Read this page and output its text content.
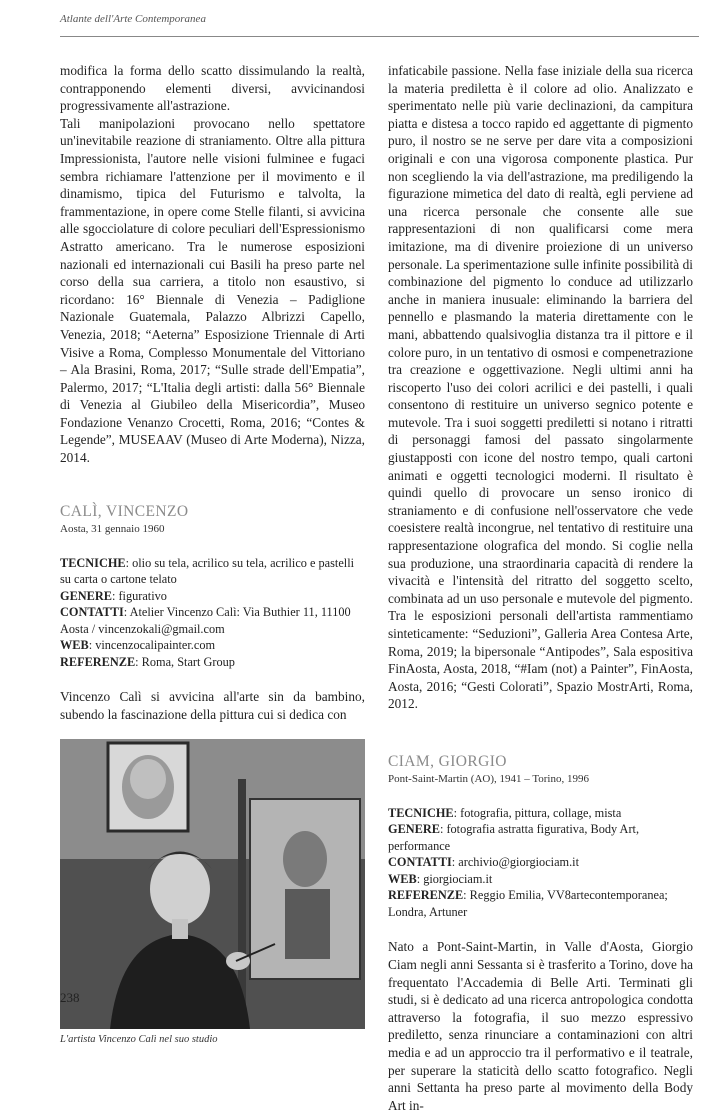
Atlante dell'Arte Contemporanea

modifica la forma dello scatto dissimulando la realtà, contrapponendo elementi diversi, avvicinandosi progressivamente all'astrazione.

Tali manipolazioni provocano nello spettatore un'inevitabile reazione di straniamento. Oltre alla pittura Impressionista, l'autore nelle visioni fulminee e fugaci sembra richiamare l'attenzione per il movimento e il dinamismo, tipica del Futurismo e talvolta, la frammentazione, in opere come Stelle filanti, si avvicina alle sgocciolature di colore peculiari dell'Espressionismo Astratto americano. Tra le numerose esposizioni nazionali ed internazionali cui Basili ha preso parte nel corso della sua carriera, a titolo non esaustivo, si ricordano: 16° Biennale di Venezia – Padiglione Nazionale Guatemala, Palazzo Albrizzi Capello, Venezia, 2018; “Aeterna” Esposizione Triennale di Arti Visive a Roma, Complesso Monumentale del Vittoriano – Ala Brasini, Roma, 2017; “Sulle strade dell'Empatia”, Palermo, 2017; “L'Italia degli artisti: dalla 56° Biennale di Venezia al Giubileo della Misericordia”, Museo Fondazione Venanzo Crocetti, Roma, 2016; “Contes & Legende”, MUSEAAV (Museo di Arte Moderna), Nizza, 2014.

CALÌ, VINCENZO
Aosta, 31 gennaio 1960
TECNICHE: olio su tela, acrilico su tela, acrilico e pastelli su carta o cartone telato
GENERE: figurativo
CONTATTI: Atelier Vincenzo Calì: Via Buthier 11, 11100 Aosta / vincenzokali@gmail.com
WEB: vincenzocalipainter.com
REFERENZE: Roma, Start Group

Vincenzo Calì si avvicina all'arte sin da bambino, subendo la fascinazione della pittura cui si dedica con

L'artista Vincenzo Calì nel suo studio

infaticabile passione. Nella fase iniziale della sua ricerca la materia prediletta è il colore ad olio. Analizzato e sperimentato nelle più varie declinazioni, da campitura piatta e distesa a tocco rapido ed aggettante di pigmento puro, il nostro se ne serve per dare vita a composizioni originali e con una vigorosa componente plastica. Pur non scegliendo la via dell'astrazione, ma prediligendo la figurazione mimetica del dato di realtà, egli perviene ad una ricerca personale che consente alle sue rappresentazioni di non qualificarsi come mera imitazione, ma di divenire proiezione di un universo personale. La sperimentazione sulle infinite possibilità di combinazione del pigmento lo conduce ad utilizzarlo anche in maniera inusuale: eliminando la barriera del pennello e plasmando la materia direttamente con le mani, abbattendo qualsivoglia distanza tra il pittore e il colore puro, in un tentativo di osmosi e compenetrazione tra creazione e oggettivazione. Negli ultimi anni ha riscoperto l'uso dei colori acrilici e dei pastelli, i quali consentono di restituire un universo segnico potente e mutevole. Tra i suoi soggetti prediletti si notano i ritratti di personaggi famosi del passato singolarmente giustapposti con icone del nostro tempo, quali cartoni animati e oggetti tecnologici moderni. Il risultato è quindi quello di provocare un senso ironico di straniamento e di confusione nell'osservatore che vede coesistere realtà incongrue, nel tentativo di restituire una rappresentazione olografica del mondo. Si coglie nella sua produzione, una straordinaria capacità di rendere la vivacità e l'intensità del ritratto del soggetto scelto, combinata ad un uso personale e mutevole del pigmento. Tra le esposizioni personali dell'artista rammentiamo sinteticamente: “Seduzioni”, Galleria Area Contesa Arte, Roma, 2019; la bipersonale “Antipodes”, Sala espositiva FinAosta, Aosta, 2018, “#Iam (not) a Painter”, FinAosta, Aosta, 2016; “Gesti Colorati”, Spazio MostrArti, Roma, 2012.

CIAM, GIORGIO
Pont-Saint-Martin (AO), 1941 – Torino, 1996
TECNICHE: fotografia, pittura, collage, mista
GENERE: fotografia astratta figurativa, Body Art, performance
CONTATTI: archivio@giorgiociam.it
WEB: giorgiociam.it
REFERENZE: Reggio Emilia, VV8artecontemporanea; Londra, Artuner

Nato a Pont-Saint-Martin, in Valle d'Aosta, Giorgio Ciam negli anni Sessanta si è trasferito a Torino, dove ha frequentato l'Accademia di Belle Arti. Terminati gli studi, si è dedicato ad una ricerca antropologica condotta attraverso la fotografia, il suo mezzo espressivo prediletto, senza rinunciare a contaminazioni con altri media e ad un approccio tra il performativo e il teatrale, per superare la staticità dello scatto fotografico. Negli anni Settanta ha preso parte al movimento della Body Art in-

238
